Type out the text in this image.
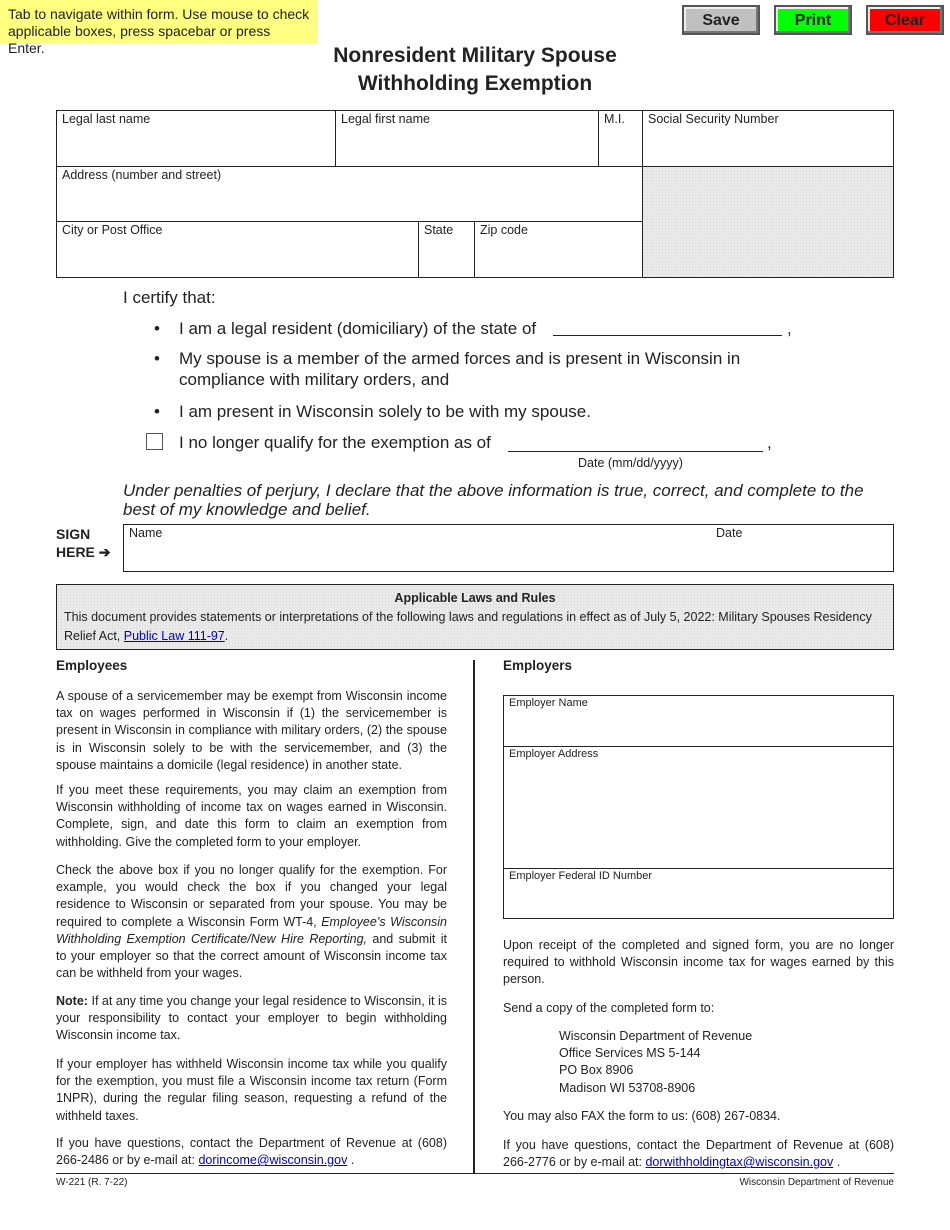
Tab to navigate within form. Use mouse to check applicable boxes, press spacebar or press Enter.
Save	Print	Clear
Nonresident Military Spouse
Withholding Exemption
Legal last name	Legal first name	M.I.	Social Security Number
Address (number and street)
City or Post Office	State	Zip code
I certify that:
• I am a legal resident (domiciliary) of the state of	,
• My spouse is a member of the armed forces and is present in Wisconsin in compliance with military orders, and
• I am present in Wisconsin solely to be with my spouse.
I no longer qualify for the exemption as of	,
Date (mm/dd/yyyy)
Under penalties of perjury, I declare that the above information is true, correct, and complete to the best of my knowledge and belief.
SIGN
HERE ➔
Name	Date
Applicable Laws and Rules
This document provides statements or interpretations of the following laws and regulations in effect as of July 5, 2022: Military Spouses Residency Relief Act, Public Law 111-97.
Employees
A spouse of a servicemember may be exempt from Wisconsin income tax on wages performed in Wisconsin if (1) the servicemember is present in Wisconsin in compliance with military orders, (2) the spouse is in Wisconsin solely to be with the servicemember, and (3) the spouse maintains a domicile (legal residence) in another state.
If you meet these requirements, you may claim an exemption from Wisconsin withholding of income tax on wages earned in Wisconsin. Complete, sign, and date this form to claim an exemption from withholding. Give the completed form to your employer.
Check the above box if you no longer qualify for the exemption. For example, you would check the box if you changed your legal residence to Wisconsin or separated from your spouse. You may be required to complete a Wisconsin Form WT-4, Employee’s Wisconsin Withholding Exemption Certificate/New Hire Reporting, and submit it to your employer so that the correct amount of Wisconsin income tax can be withheld from your wages.
Note: If at any time you change your legal residence to Wisconsin, it is your responsibility to contact your employer to begin withholding Wisconsin income tax.
If your employer has withheld Wisconsin income tax while you qualify for the exemption, you must file a Wisconsin income tax return (Form 1NPR), during the regular filing season, requesting a refund of the withheld taxes.
If you have questions, contact the Department of Revenue at (608) 266-2486 or by e-mail at: dorincome@wisconsin.gov .
Employers
Employer Name
Employer Address
Employer Federal ID Number
Upon receipt of the completed and signed form, you are no longer required to withhold Wisconsin income tax for wages earned by this person.
Send a copy of the completed form to:
Wisconsin Department of Revenue
Office Services MS 5-144
PO Box 8906
Madison WI 53708-8906
You may also FAX the form to us: (608) 267-0834.
If you have questions, contact the Department of Revenue at (608) 266-2776 or by e-mail at: dorwithholdingtax@wisconsin.gov .
W-221 (R. 7-22)	Wisconsin Department of Revenue
